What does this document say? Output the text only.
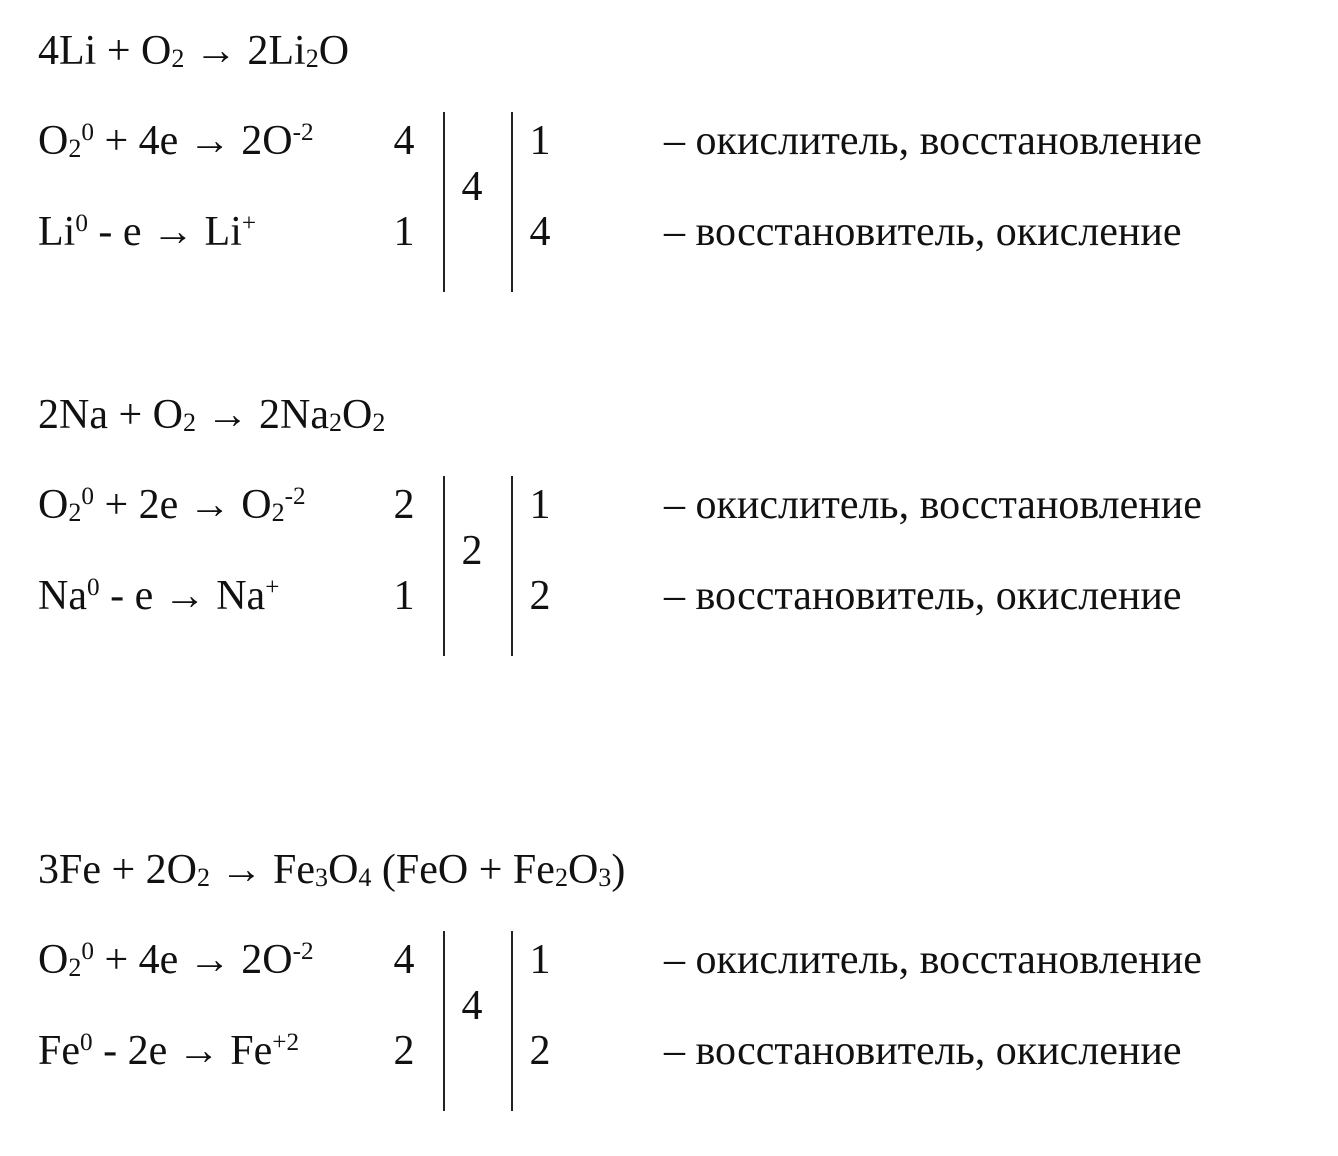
$4Li + O_2 \to 2Li_2O$
$O_2^0 + 4e \to 2O^{-2}$
Li$^0$ - e → Li+
4
1
4
1
4
– окислитель, восстановление
– восстановитель, окисление
$2Na + O_2 \to 2Na_2O_2$
$O_2^0 + 2e \to O_2^{-2}$
Na$^0$ - e → Na+
2
1
2
1
2
– окислитель, восстановление
– восстановитель, окисление
$3Fe + 2O_2 \to Fe_3O_4$ $(FeO + Fe_2O_3)$
$O_2^0 + 4e \to 2O^{-2}$
$Fe^0 - 2e \to Fe^{+2}$
4
2
4
1
2
– окислитель, восстановление
– восстановитель, окисление
